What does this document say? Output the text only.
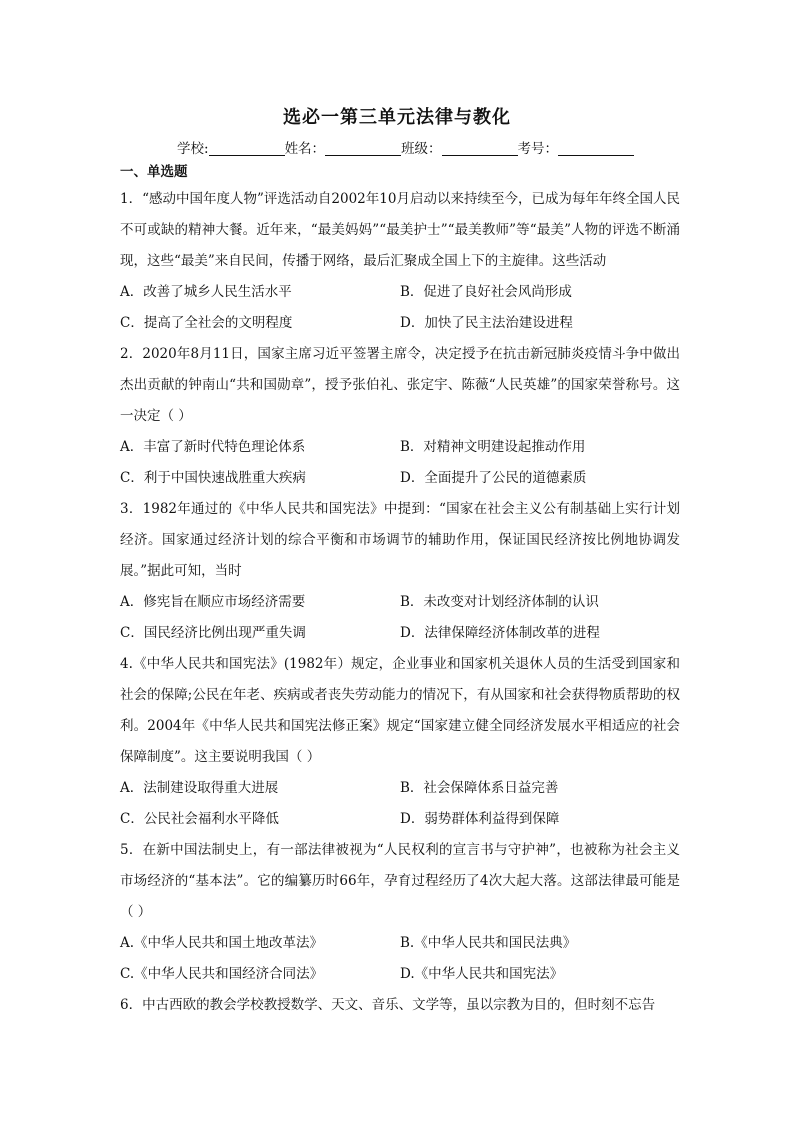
选必一第三单元法律与教化
学校:	姓名：	班级：	考号：
一、单选题
1．“感动中国年度人物”评选活动自2002年10月启动以来持续至今，已成为每年年终全国人民不可或缺的精神大餐。近年来，“最美妈妈”“最美护士”“最美教师”等“最美”人物的评选不断涌现，这些“最美”来自民间，传播于网络，最后汇聚成全国上下的主旋律。这些活动
A．改善了城乡人民生活水平	B．促进了良好社会风尚形成
C．提高了全社会的文明程度	D．加快了民主法治建设进程
2．2020年8月11日，国家主席习近平签署主席令，决定授予在抗击新冠肺炎疫情斗争中做出杰出贡献的钟南山“共和国勋章”，授予张伯礼、张定宇、陈薇“人民英雄”的国家荣誉称号。这一决定（ ）
A．丰富了新时代特色理论体系	B．对精神文明建设起推动作用
C．利于中国快速战胜重大疾病	D．全面提升了公民的道德素质
3．1982年通过的《中华人民共和国宪法》中提到：“国家在社会主义公有制基础上实行计划经济。国家通过经济计划的综合平衡和市场调节的辅助作用，保证国民经济按比例地协调发展。”据此可知，当时
A．修宪旨在顺应市场经济需要	B．未改变对计划经济体制的认识
C．国民经济比例出现严重失调	D．法律保障经济体制改革的进程
4.《中华人民共和国宪法》(1982年）规定，企业事业和国家机关退休人员的生活受到国家和社会的保障;公民在年老、疾病或者丧失劳动能力的情况下，有从国家和社会获得物质帮助的权利。2004年《中华人民共和国宪法修正案》规定“国家建立健全同经济发展水平相适应的社会保障制度”。这主要说明我国（ ）
A．法制建设取得重大进展	B．社会保障体系日益完善
C．公民社会福利水平降低	D．弱势群体利益得到保障
5．在新中国法制史上，有一部法律被视为“人民权利的宣言书与守护神”，也被称为社会主义市场经济的“基本法”。它的编纂历时66年，孕育过程经历了4次大起大落。这部法律最可能是（ ）
A.《中华人民共和国土地改革法》	B.《中华人民共和国民法典》
C.《中华人民共和国经济合同法》	D.《中华人民共和国宪法》
6．中古西欧的教会学校教授数学、天文、音乐、文学等，虽以宗教为目的，但时刻不忘告
